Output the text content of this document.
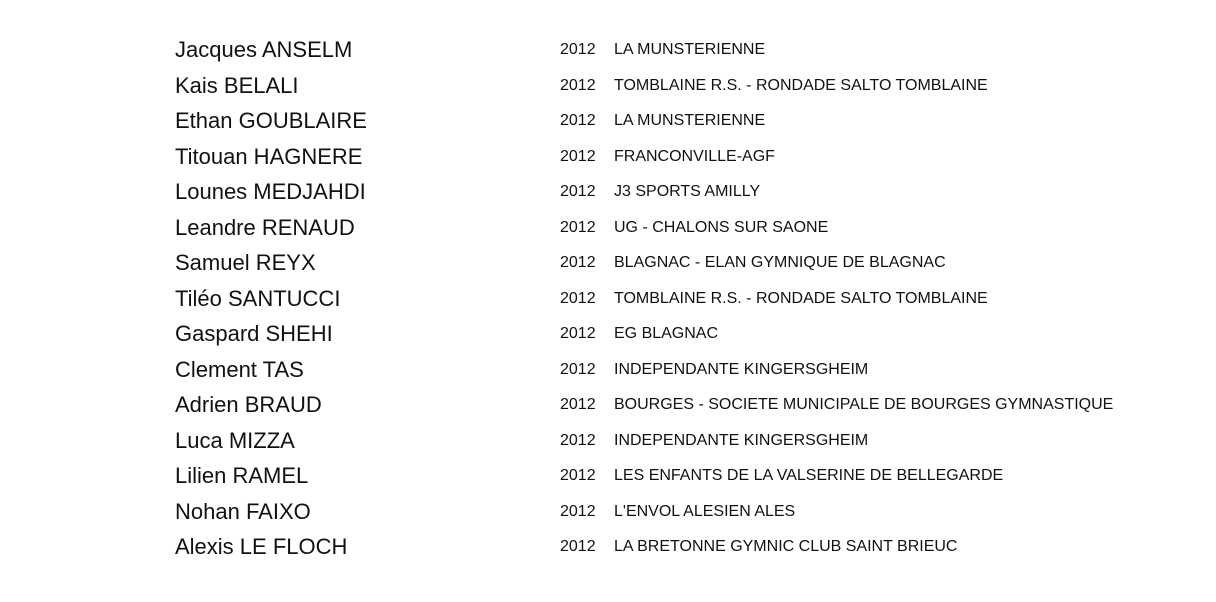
Jacques ANSELM	2012 LA MUNSTERIENNE
Kais BELALI	2012 TOMBLAINE R.S. - RONDADE SALTO TOMBLAINE
Ethan GOUBLAIRE	2012 LA MUNSTERIENNE
Titouan HAGNERE	2012 FRANCONVILLE-AGF
Lounes MEDJAHDI	2012 J3 SPORTS AMILLY
Leandre RENAUD	2012 UG - CHALONS SUR SAONE
Samuel REYX	2012 BLAGNAC - ELAN GYMNIQUE DE BLAGNAC
Tiléo SANTUCCI	2012 TOMBLAINE R.S. - RONDADE SALTO TOMBLAINE
Gaspard SHEHI	2012 EG BLAGNAC
Clement TAS	2012 INDEPENDANTE KINGERSGHEIM
Adrien BRAUD	2012 BOURGES - SOCIETE MUNICIPALE DE BOURGES GYMNASTIQUE
Luca MIZZA	2012 INDEPENDANTE KINGERSGHEIM
Lilien RAMEL	2012 LES ENFANTS DE LA VALSERINE DE BELLEGARDE
Nohan FAIXO	2012 L'ENVOL ALESIEN ALES
Alexis LE FLOCH	2012 LA BRETONNE GYMNIC CLUB SAINT BRIEUC
